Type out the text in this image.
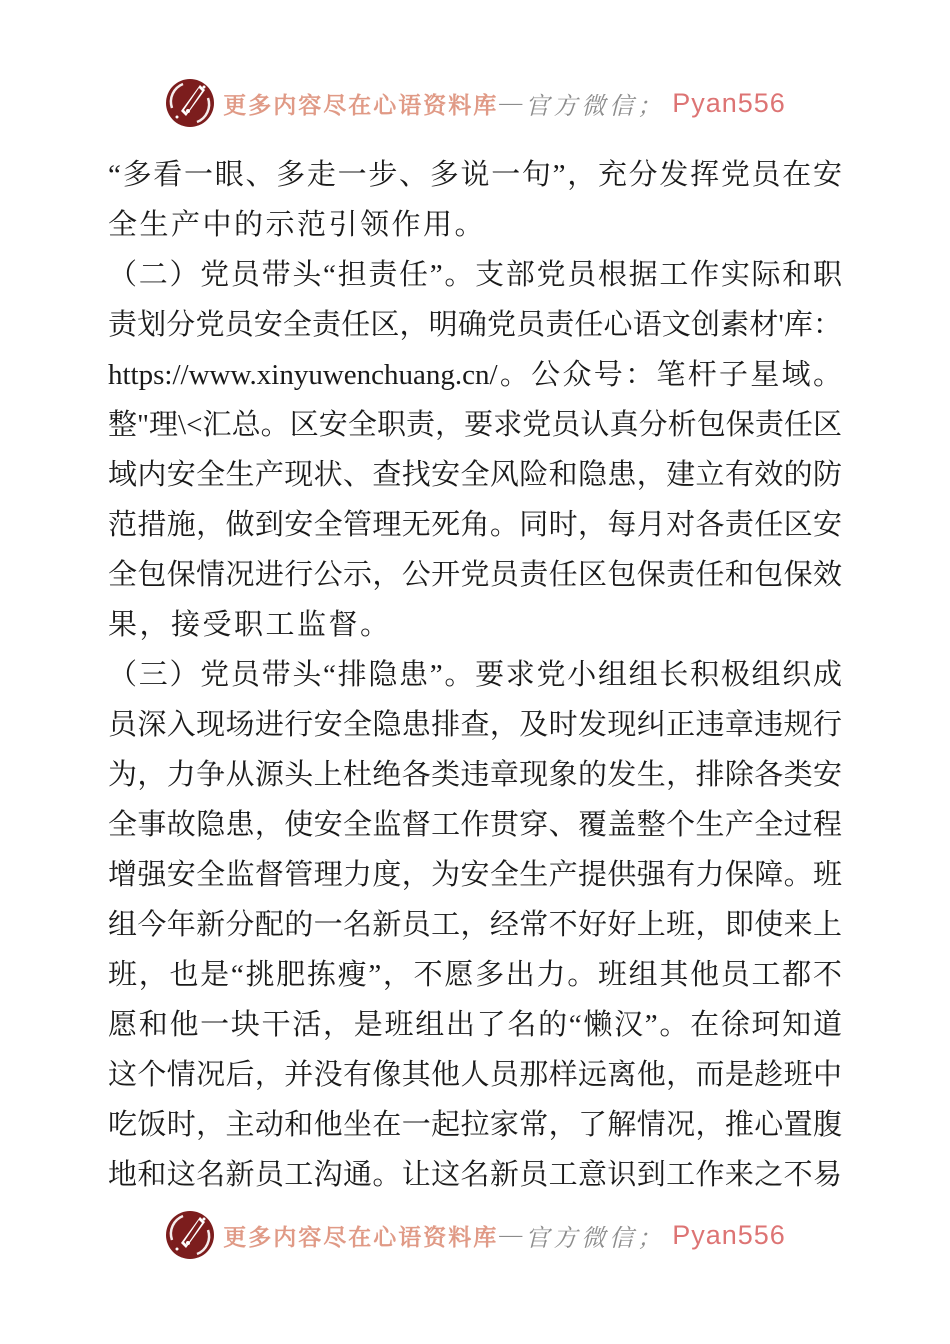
更多内容尽在心语资料库 — 官方微信； Pyan556
“多看一眼、多走一步、多说一句”，充分发挥党员在安
全生产中的示范引领作用。
（二）党员带头“担责任”。支部党员根据工作实际和职
责划分党员安全责任区，明确党员责任心语文创素材'库：
https://www.xinyuwenchuang.cn/。公众号：笔杆子星域。
整"理\<汇总。区安全职责，要求党员认真分析包保责任区
域内安全生产现状、查找安全风险和隐患，建立有效的防
范措施，做到安全管理无死角。同时，每月对各责任区安
全包保情况进行公示，公开党员责任区包保责任和包保效
果，接受职工监督。
（三）党员带头“排隐患”。要求党小组组长积极组织成
员深入现场进行安全隐患排查，及时发现纠正违章违规行
为，力争从源头上杜绝各类违章现象的发生，排除各类安
全事故隐患，使安全监督工作贯穿、覆盖整个生产全过程
增强安全监督管理力度，为安全生产提供强有力保障。班
组今年新分配的一名新员工，经常不好好上班，即使来上
班，也是“挑肥拣瘦”，不愿多出力。班组其他员工都不
愿和他一块干活，是班组出了名的“懒汉”。在徐珂知道
这个情况后，并没有像其他人员那样远离他，而是趁班中
吃饭时，主动和他坐在一起拉家常，了解情况，推心置腹
地和这名新员工沟通。让这名新员工意识到工作来之不易
更多内容尽在心语资料库 — 官方微信； Pyan556
